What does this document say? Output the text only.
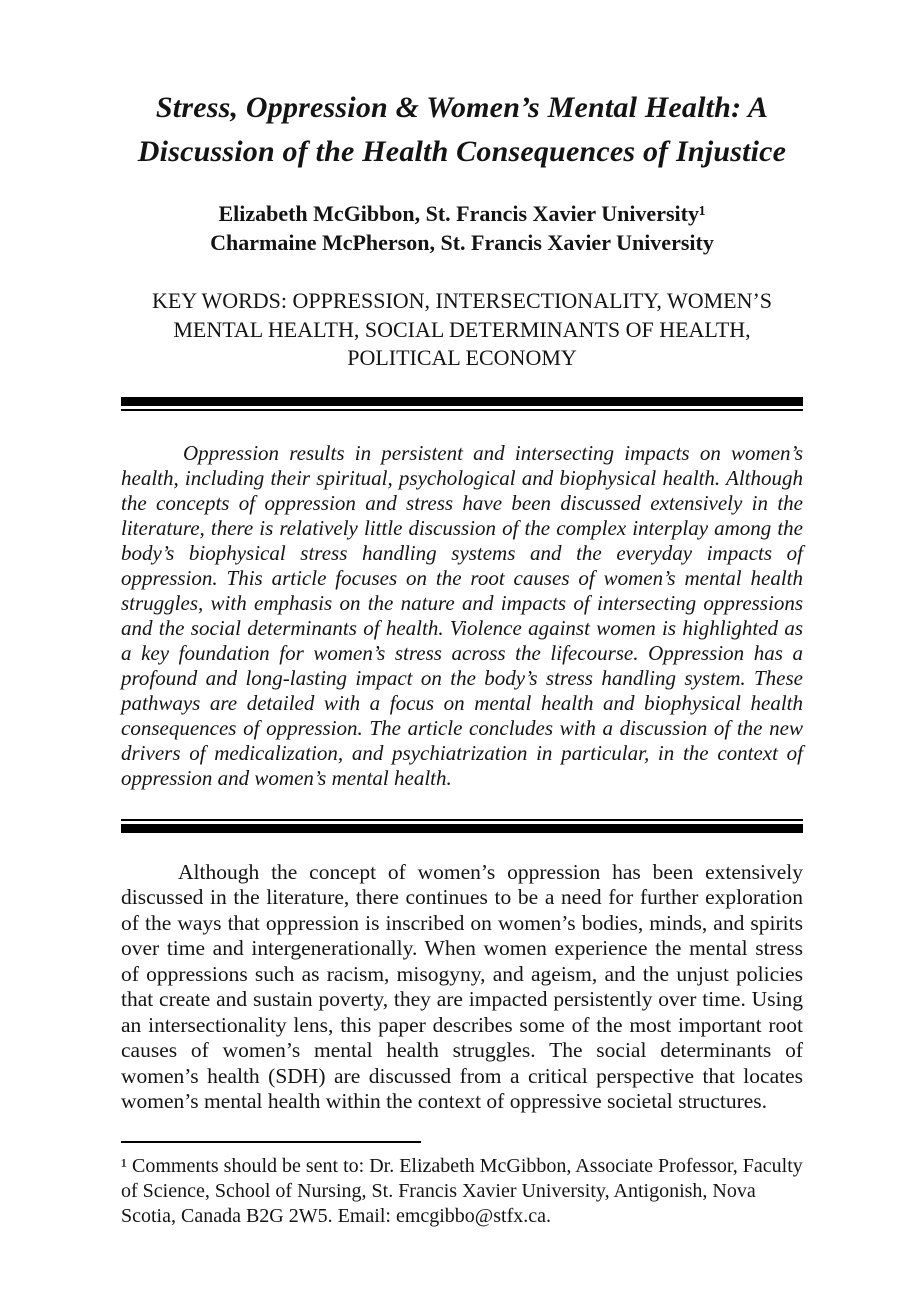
Stress, Oppression & Women’s Mental Health: A Discussion of the Health Consequences of Injustice
Elizabeth McGibbon, St. Francis Xavier University¹
Charmaine McPherson, St. Francis Xavier University
KEY WORDS: OPPRESSION, INTERSECTIONALITY, WOMEN’S MENTAL HEALTH, SOCIAL DETERMINANTS OF HEALTH, POLITICAL ECONOMY

Oppression results in persistent and intersecting impacts on women’s health, including their spiritual, psychological and biophysical health. Although the concepts of oppression and stress have been discussed extensively in the literature, there is relatively little discussion of the complex interplay among the body’s biophysical stress handling systems and the everyday impacts of oppression. This article focuses on the root causes of women’s mental health struggles, with emphasis on the nature and impacts of intersecting oppressions and the social determinants of health. Violence against women is highlighted as a key foundation for women’s stress across the lifecourse. Oppression has a profound and long-lasting impact on the body’s stress handling system. These pathways are detailed with a focus on mental health and biophysical health consequences of oppression. The article concludes with a discussion of the new drivers of medicalization, and psychiatrization in particular, in the context of oppression and women’s mental health.

Although the concept of women’s oppression has been extensively discussed in the literature, there continues to be a need for further exploration of the ways that oppression is inscribed on women’s bodies, minds, and spirits over time and intergenerationally. When women experience the mental stress of oppressions such as racism, misogyny, and ageism, and the unjust policies that create and sustain poverty, they are impacted persistently over time. Using an intersectionality lens, this paper describes some of the most important root causes of women’s mental health struggles. The social determinants of women’s health (SDH) are discussed from a critical perspective that locates women’s mental health within the context of oppressive societal structures.

¹ Comments should be sent to: Dr. Elizabeth McGibbon, Associate Professor, Faculty of Science, School of Nursing, St. Francis Xavier University, Antigonish, Nova Scotia, Canada B2G 2W5. Email: emcgibbo@stfx.ca.
